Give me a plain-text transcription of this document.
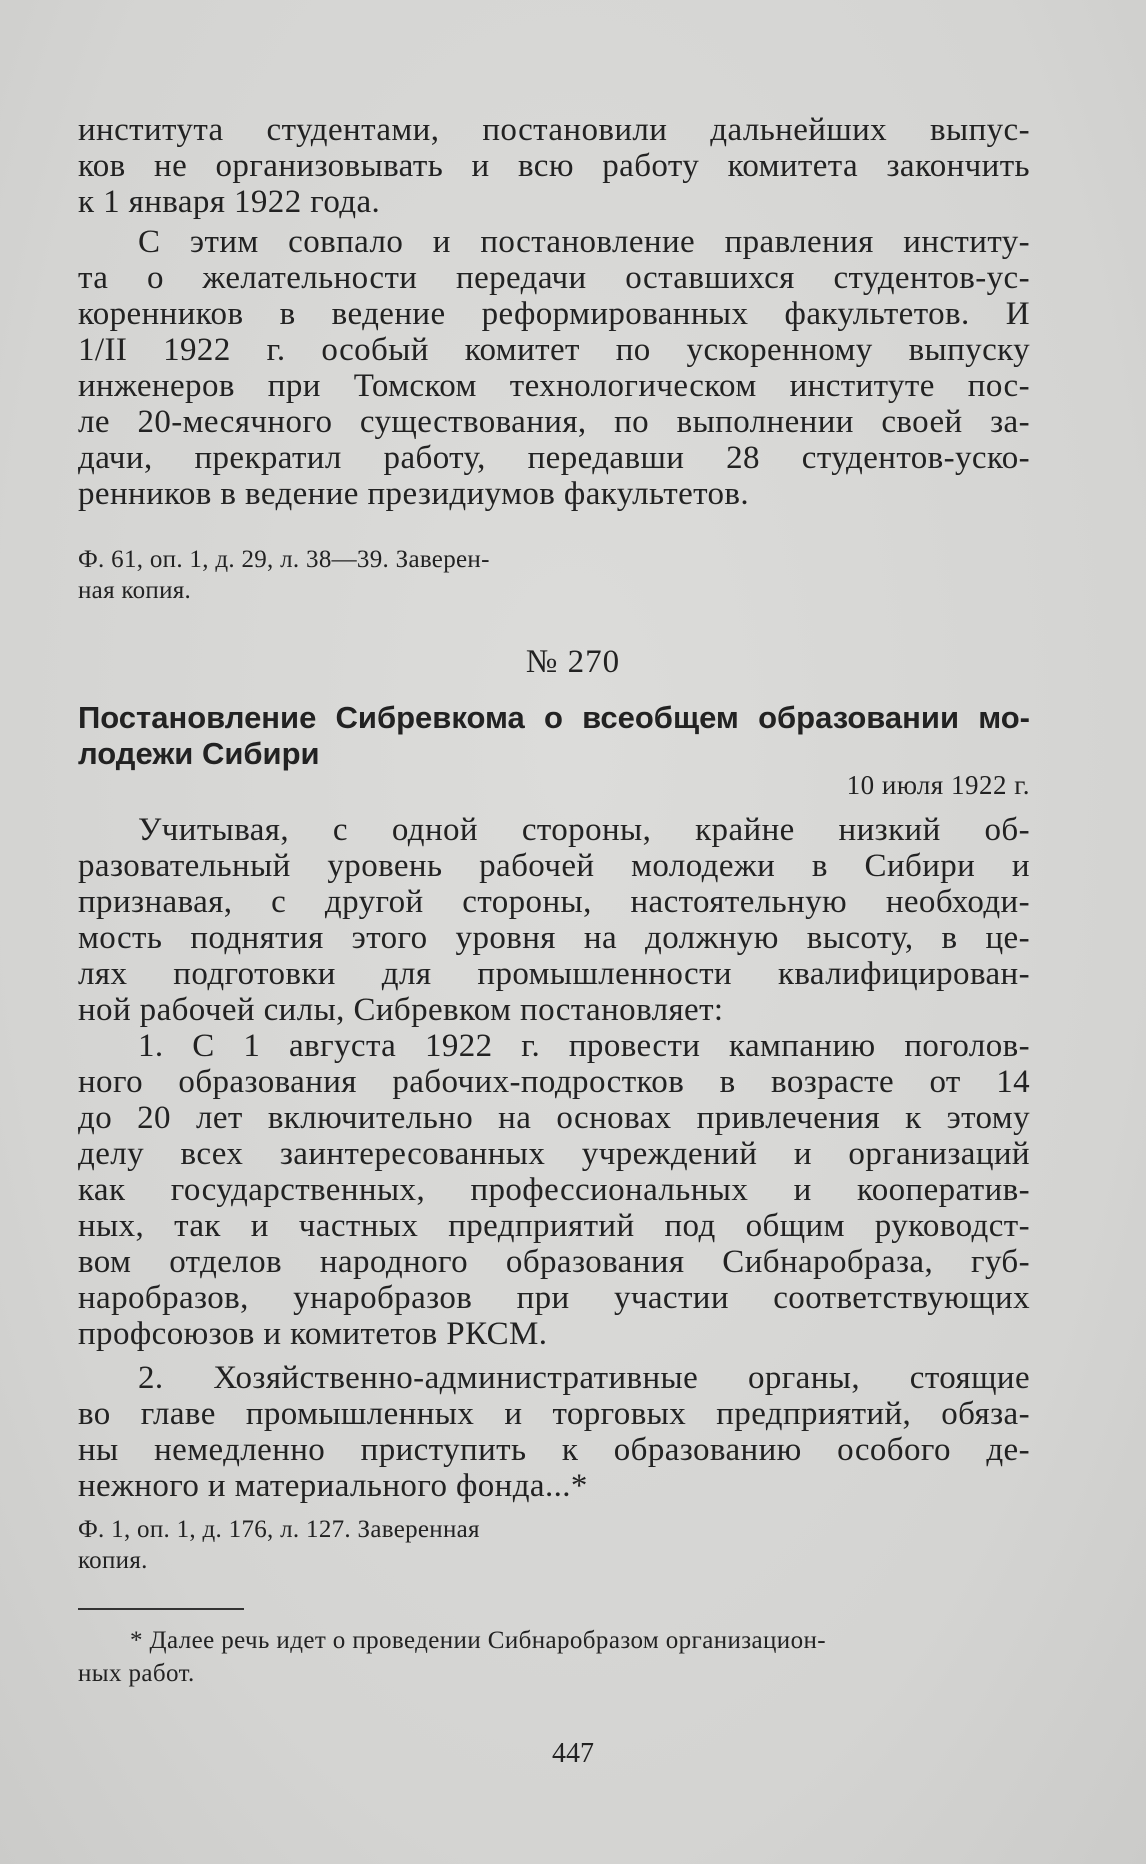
института студентами, постановили дальнейших выпус-
ков не организовывать и всю работу комитета закончить
к 1 января 1922 года.
С этим совпало и постановление правления институ-
та о желательности передачи оставшихся студентов-ус-
коренников в ведение реформированных факультетов. И
1/II 1922 г. особый комитет по ускоренному выпуску
инженеров при Томском технологическом институте пос-
ле 20-месячного существования, по выполнении своей за-
дачи, прекратил работу, передавши 28 студентов-уско-
ренников в ведение президиумов факультетов.
Ф. 61, оп. 1, д. 29, л. 38—39. Заверен-
ная копия.
№ 270
Постановление Сибревкома о всеобщем образовании мо-
лодежи Сибири
10 июля 1922 г.
Учитывая, с одной стороны, крайне низкий об-
разовательный уровень рабочей молодежи в Сибири и
признавая, с другой стороны, настоятельную необходи-
мость поднятия этого уровня на должную высоту, в це-
лях подготовки для промышленности квалифицирован-
ной рабочей силы, Сибревком постановляет:
1. С 1 августа 1922 г. провести кампанию поголов-
ного образования рабочих-подростков в возрасте от 14
до 20 лет включительно на основах привлечения к этому
делу всех заинтересованных учреждений и организаций
как государственных, профессиональных и кооператив-
ных, так и частных предприятий под общим руководст-
вом отделов народного образования Сибнаробраза, губ-
наробразов, унаробразов при участии соответствующих
профсоюзов и комитетов РКСМ.
2. Хозяйственно-административные органы, стоящие
во главе промышленных и торговых предприятий, обяза-
ны немедленно приступить к образованию особого де-
нежного и материального фонда...*
Ф. 1, оп. 1, д. 176, л. 127. Заверенная
копия.
* Далее речь идет о проведении Сибнаробразом организацион-
ных работ.
447
